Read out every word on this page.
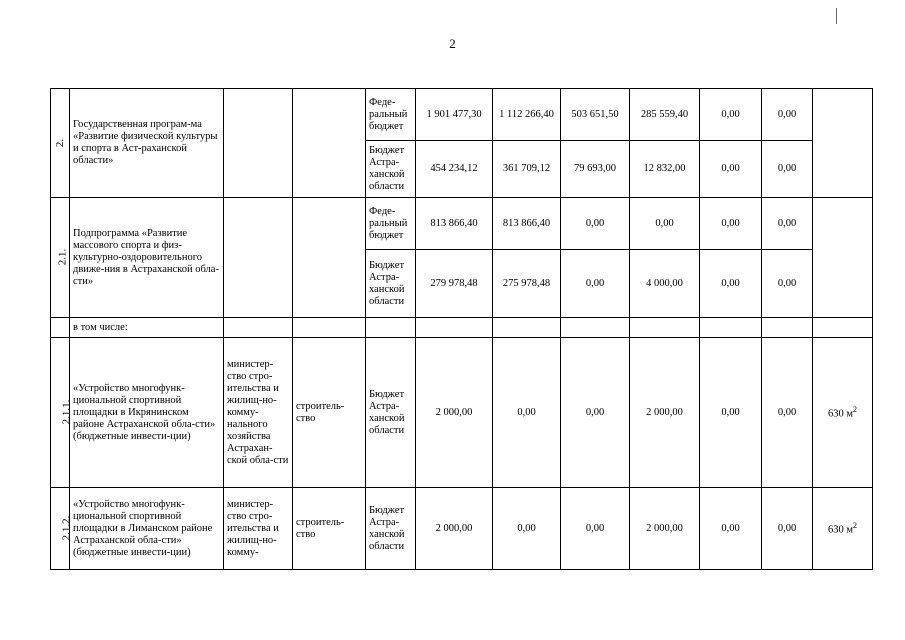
2
2.	Государственная програм-ма «Развитие физической культуры и спорта в Аст-раханской области»			Феде-ральный бюджет	1 901 477,30	1 112 266,40	503 651,50	285 559,40	0,00	0,00	
				Бюджет Астра-ханской области	454 234,12	361 709,12	79 693,00	12 832,00	0,00	0,00	
2.1.	Подпрограмма «Развитие массового спорта и физ-культурно-оздоровительного движе-ния в Астраханской обла-сти»			Феде-ральный бюджет	813 866,40	813 866,40	0,00	0,00	0,00	0,00	
				Бюджет Астра-ханской области	279 978,48	275 978,48	0,00	4 000,00	0,00	0,00	
	в том числе:										
2.1.1.	«Устройство многофунк-циональной спортивной площадки в Икрянинском районе Астраханской обла-сти» (бюджетные инвести-ции)	министер-ство стро-ительства и жилищ-но-комму-нального хозяйства Астрахан-ской обла-сти	строитель-ство	Бюджет Астра-ханской области	2 000,00	0,00	0,00	2 000,00	0,00	0,00	630 $м^2$
2.1.2.	«Устройство многофунк-циональной спортивной площадки в Лиманском районе Астраханской обла-сти» (бюджетные инвести-ции)	министер-ство стро-ительства и жилищ-но-комму-	строитель-ство	Бюджет Астра-ханской области	2 000,00	0,00	0,00	2 000,00	0,00	0,00	630 $м^2$
